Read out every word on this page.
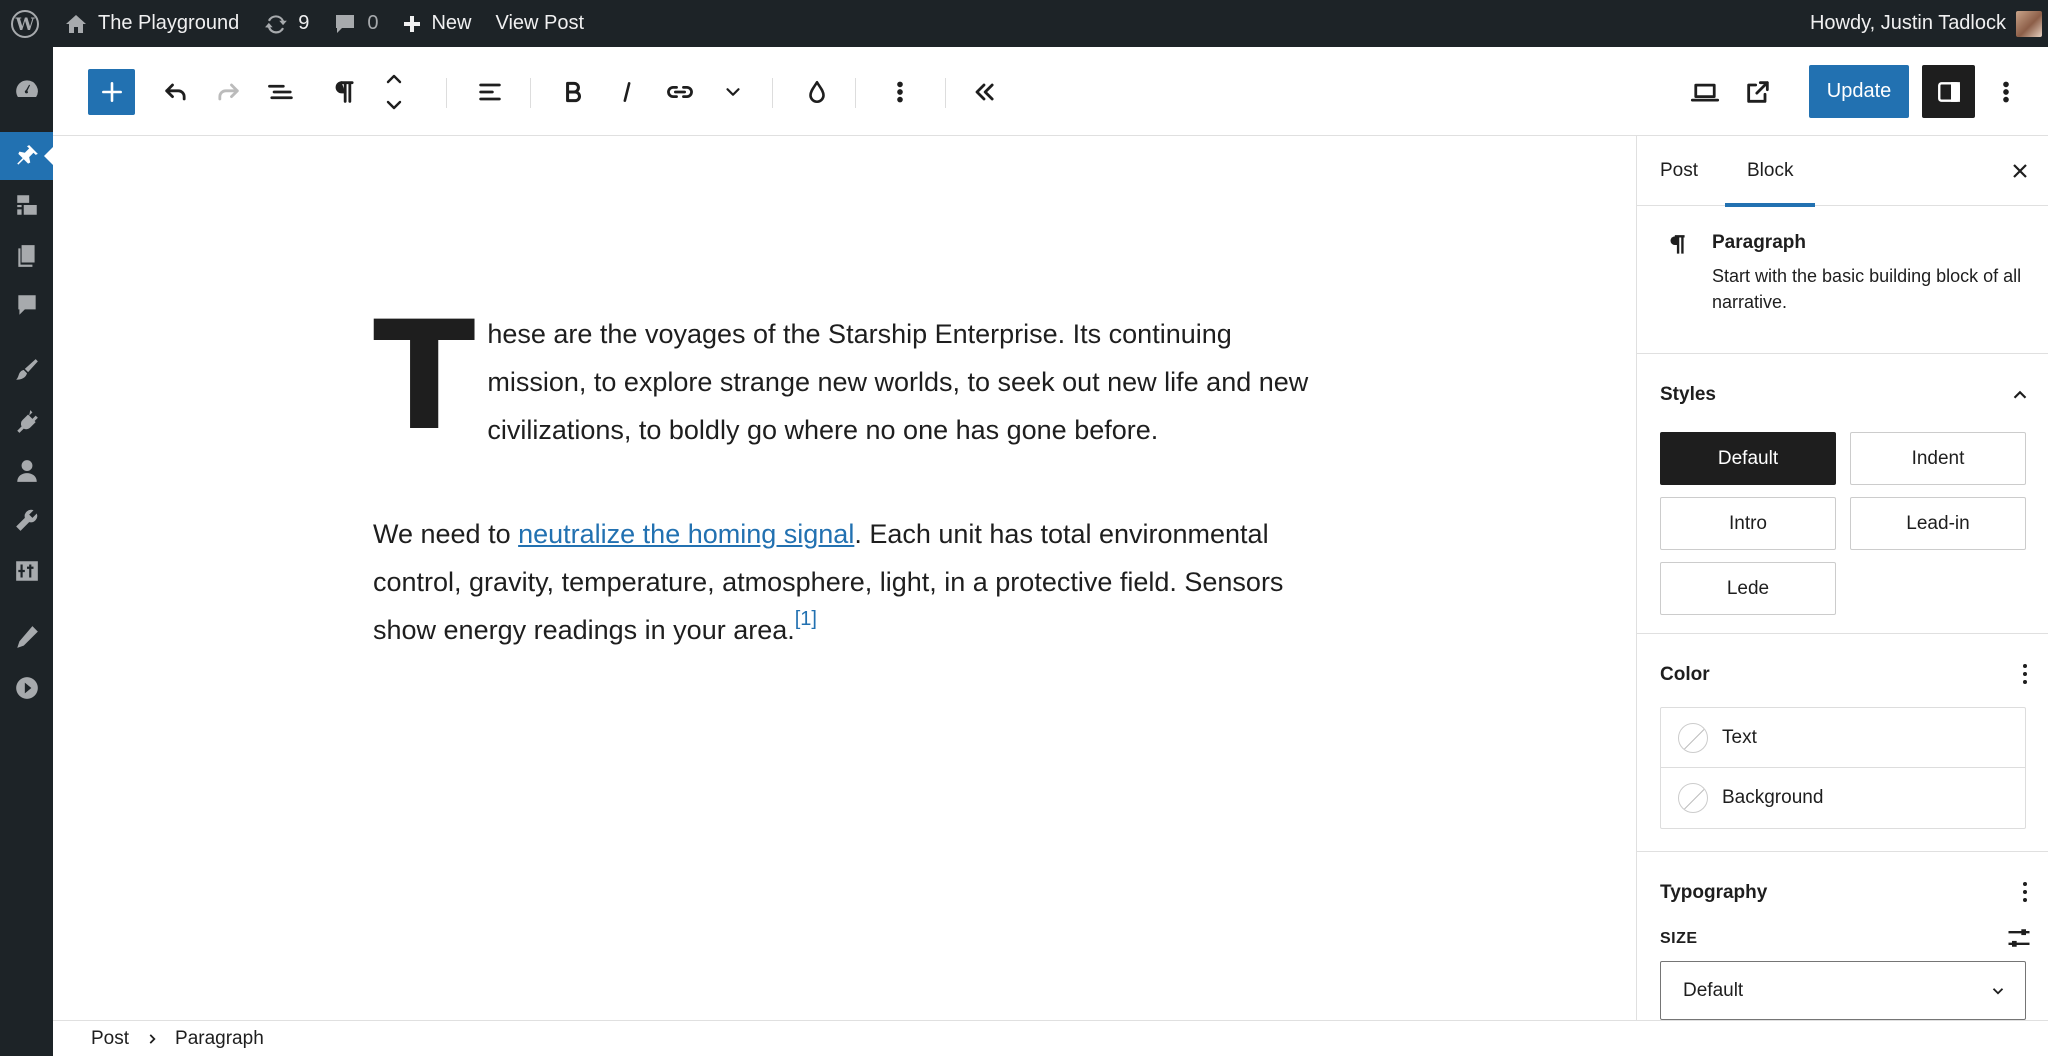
W	The Playground	9	0	New View Post	Howdy, Justin Tadlock
Update

These are the voyages of the Starship Enterprise. Its continuing mission, to explore strange new worlds, to seek out new life and new civilizations, to boldly go where no one has gone before.

We need to neutralize the homing signal. Each unit has total environmental control, gravity, temperature, atmosphere, light, in a protective field. Sensors show energy readings in your area.[1]

Post	Block
Paragraph
Start with the basic building block of all narrative.
Styles
Default	Indent
Intro	Lead-in
Lede
Color
Text
Background
Typography
SIZE
Default
Post Paragraph
